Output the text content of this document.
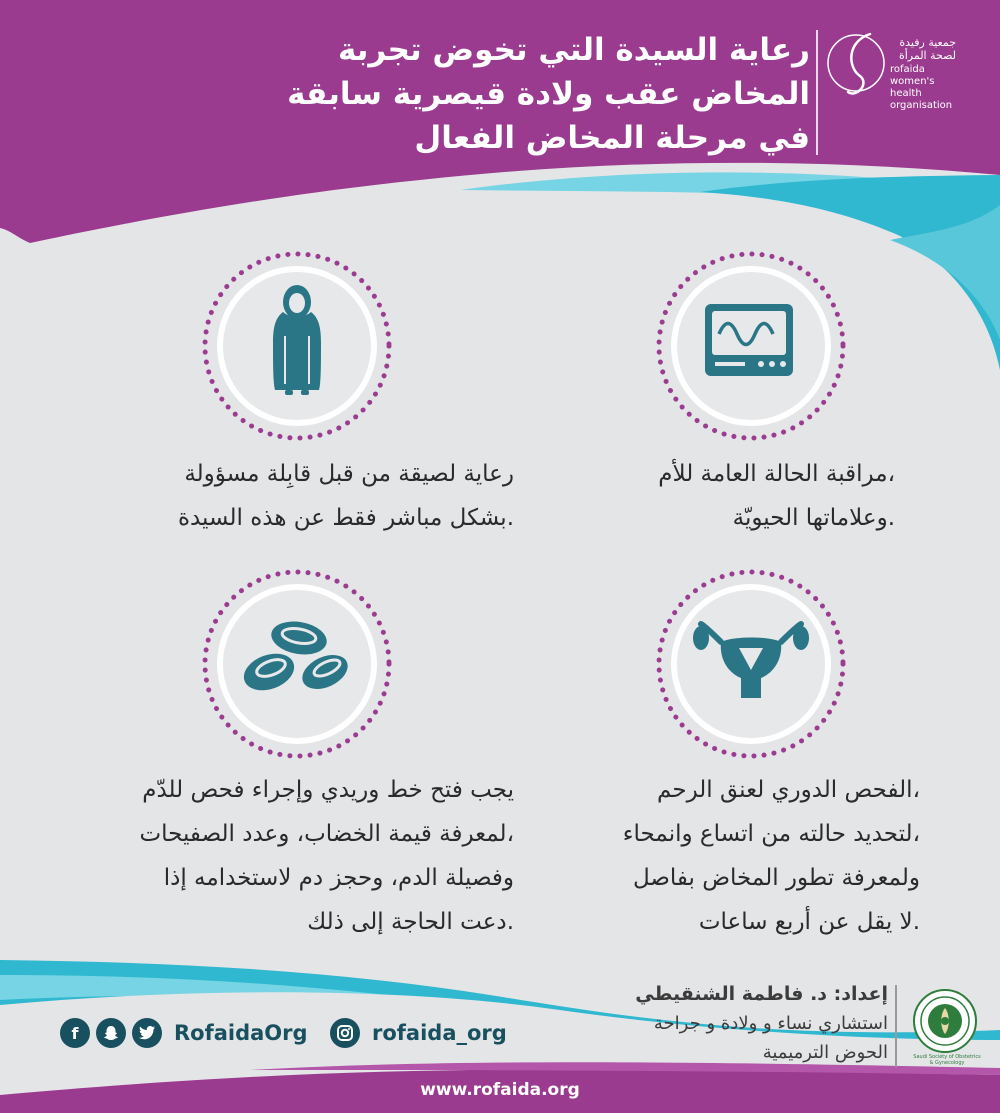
رعاية السيدة التي تخوض تجربة
المخاض عقب ولادة قيصرية سابقة
في مرحلة المخاض الفعال
جمعية رفيدة
لصحة المرأة
rofaida women's
health organisation
مراقبة الحالة العامة للأم،
وعلاماتها الحيويّة.
رعاية لصيقة من قبل قابِلة مسؤولة
بشكل مباشر فقط عن هذه السيدة.
الفحص الدوري لعنق الرحم،
لتحديد حالته من اتساع وانمحاء،
ولمعرفة تطور المخاض بفاصل
لا يقل عن أربع ساعات.
يجب فتح خط وريدي وإجراء فحص للدّم
لمعرفة قيمة الخضاب، وعدد الصفيحات،
وفصيلة الدم، وحجز دم لاستخدامه إذا
دعت الحاجة إلى ذلك.
إعداد: د. فاطمة الشنقيطي
استشاري نساء و ولادة و جراحة
الحوض الترميمية	Saudi Society of Obstetrics & Gynecology
rofaida_org
f	RofaidaOrg
www.rofaida.org
